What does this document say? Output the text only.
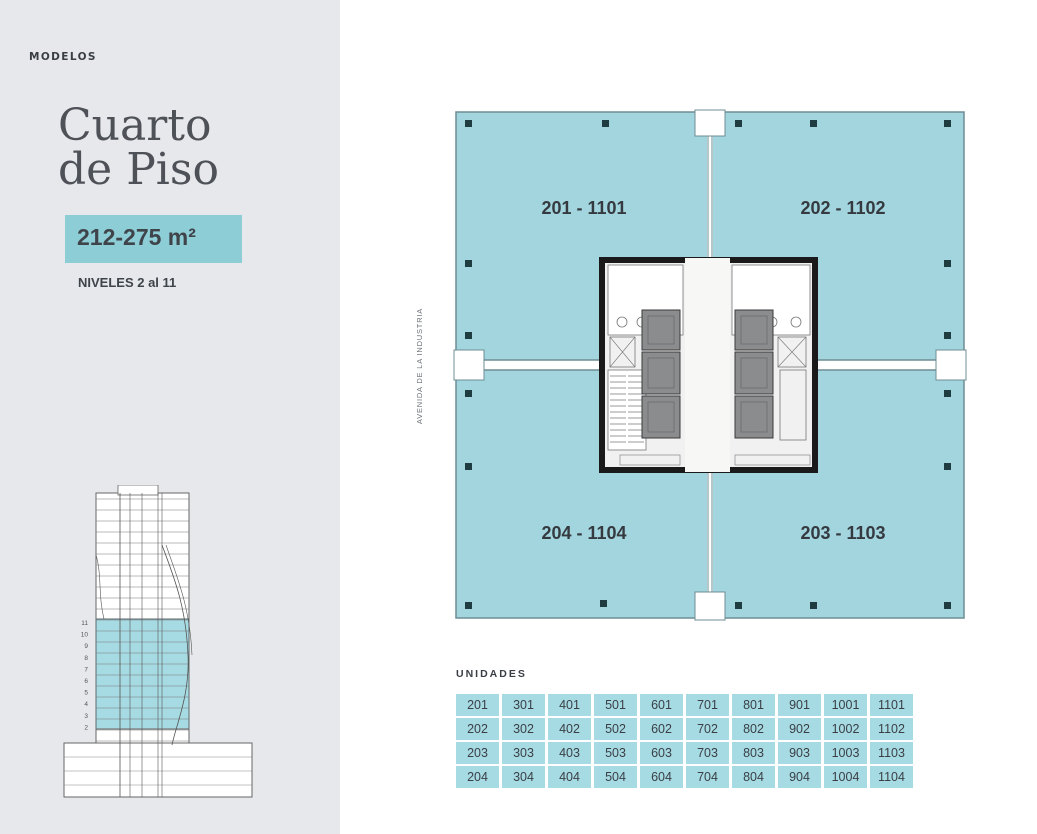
MODELOS
Cuarto
de Piso
212-275 m²
NIVELES 2 al 11
11
10
9
8
7
6
5
4
3
2
201 - 1101	202 - 1102
204 - 1104	203 - 1103
AVENIDA DE LA INDUSTRIA
UNIDADES
201	301	401	501	601	701	801	901	1001	1101
202	302	402	502	602	702	802	902	1002	1102
203	303	403	503	603	703	803	903	1003	1103
204	304	404	504	604	704	804	904	1004	1104
